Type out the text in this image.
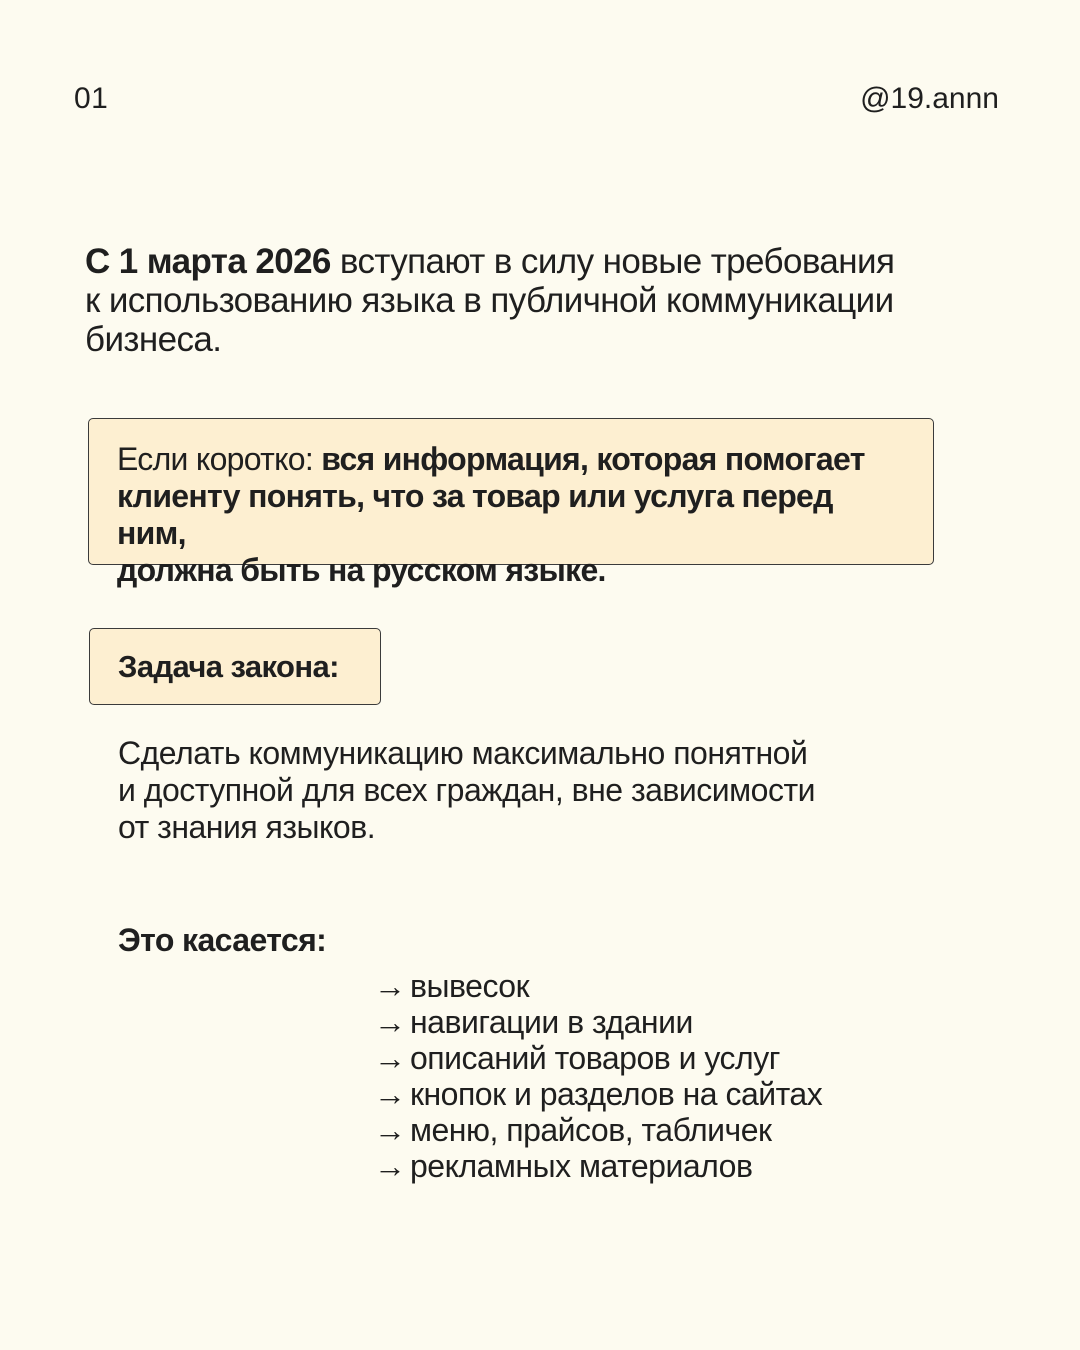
01	@19.annn

С 1 марта 2026 вступают в силу новые требования
к использованию языка в публичной коммуникации
бизнеса.

Если коротко: вся информация, которая помогает
клиенту понять, что за товар или услуга перед ним,
должна быть на русском языке.
Задача закона:

Сделать коммуникацию максимально понятной
и доступной для всех граждан, вне зависимости
от знания языков.

Это касается:
→ вывесок
→ навигации в здании
→ описаний товаров и услуг
→ кнопок и разделов на сайтах
→ меню, прайсов, табличек
→ рекламных материалов
